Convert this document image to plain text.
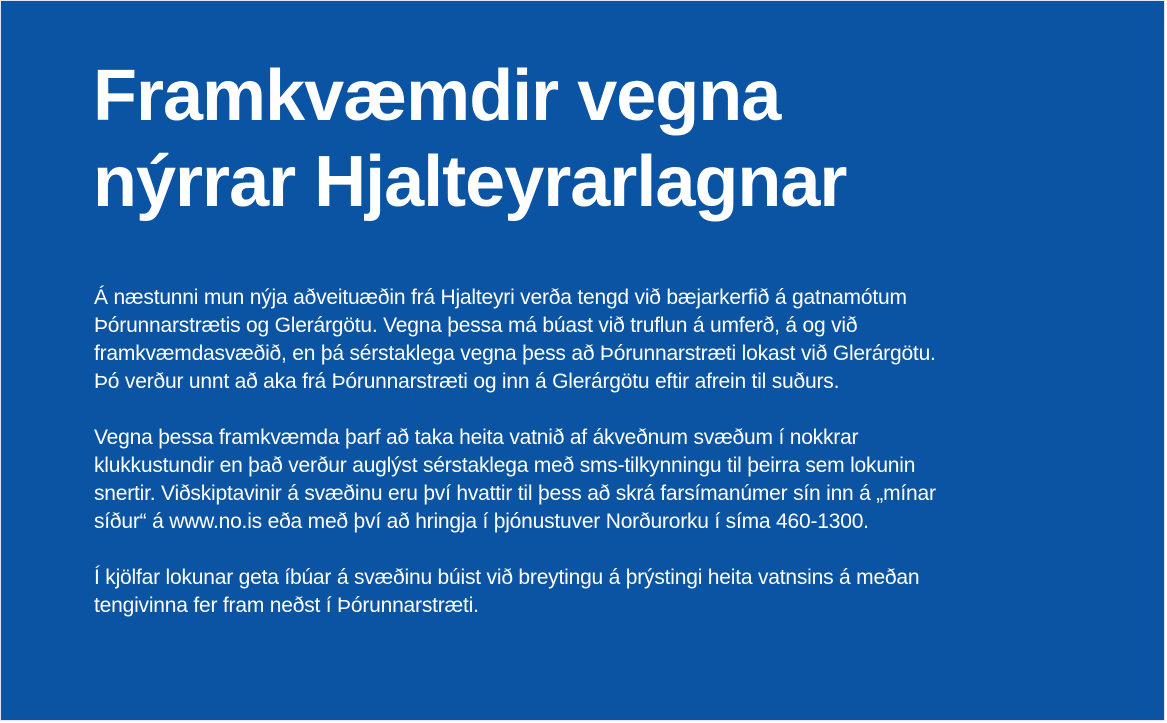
Framkvæmdir vegna
nýrrar Hjalteyrarlagnar

Á næstunni mun nýja aðveituæðin frá Hjalteyri verða tengd við bæjarkerfið á gatnamótum
Þórunnarstrætis og Glerárgötu. Vegna þessa má búast við truflun á umferð, á og við
framkvæmdasvæðið, en þá sérstaklega vegna þess að Þórunnarstræti lokast við Glerárgötu.
Þó verður unnt að aka frá Þórunnarstræti og inn á Glerárgötu eftir afrein til suðurs.

Vegna þessa framkvæmda þarf að taka heita vatnið af ákveðnum svæðum í nokkrar
klukkustundir en það verður auglýst sérstaklega með sms-tilkynningu til þeirra sem lokunin
snertir. Viðskiptavinir á svæðinu eru því hvattir til þess að skrá farsímanúmer sín inn á „mínar
síður“ á www.no.is eða með því að hringja í þjónustuver Norðurorku í síma 460-1300.

Í kjölfar lokunar geta íbúar á svæðinu búist við breytingu á þrýstingi heita vatnsins á meðan
tengivinna fer fram neðst í Þórunnarstræti.
